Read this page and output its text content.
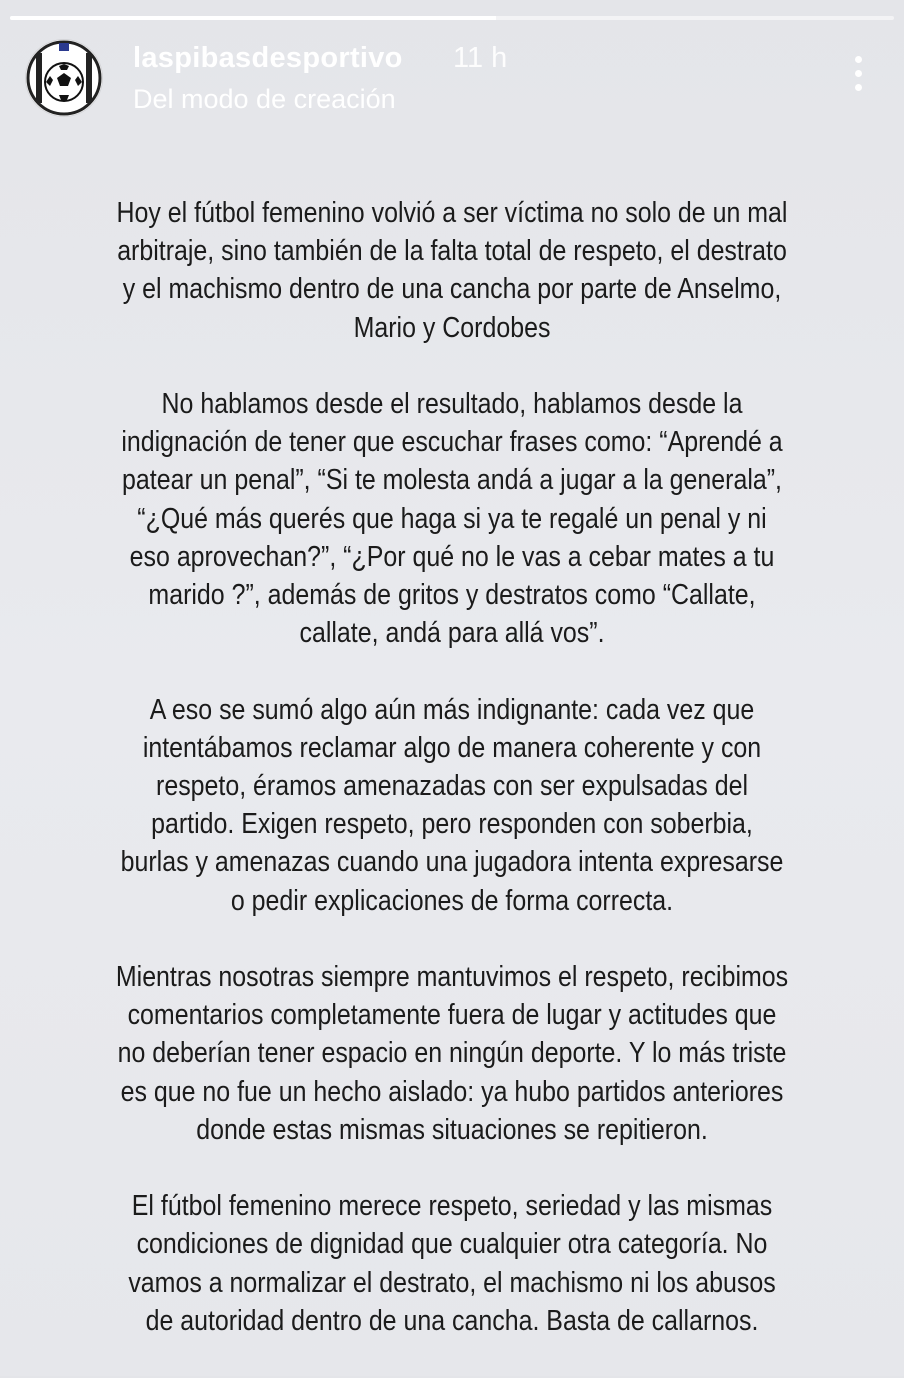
laspibasdesportivo 11 h
Del modo de creación

Hoy el fútbol femenino volvió a ser víctima no solo de un mal arbitraje, sino también de la falta total de respeto, el destrato y el machismo dentro de una cancha por parte de Anselmo, Mario y Cordobes

No hablamos desde el resultado, hablamos desde la indignación de tener que escuchar frases como: “Aprendé a patear un penal”, “Si te molesta andá a jugar a la generala”, “¿Qué más querés que haga si ya te regalé un penal y ni eso aprovechan?”, “¿Por qué no le vas a cebar mates a tu marido ?”, además de gritos y destratos como “Callate, callate, andá para allá vos”.

A eso se sumó algo aún más indignante: cada vez que intentábamos reclamar algo de manera coherente y con respeto, éramos amenazadas con ser expulsadas del partido. Exigen respeto, pero responden con soberbia, burlas y amenazas cuando una jugadora intenta expresarse o pedir explicaciones de forma correcta.

Mientras nosotras siempre mantuvimos el respeto, recibimos comentarios completamente fuera de lugar y actitudes que no deberían tener espacio en ningún deporte. Y lo más triste es que no fue un hecho aislado: ya hubo partidos anteriores donde estas mismas situaciones se repitieron.

El fútbol femenino merece respeto, seriedad y las mismas condiciones de dignidad que cualquier otra categoría. No vamos a normalizar el destrato, el machismo ni los abusos de autoridad dentro de una cancha. Basta de callarnos.
